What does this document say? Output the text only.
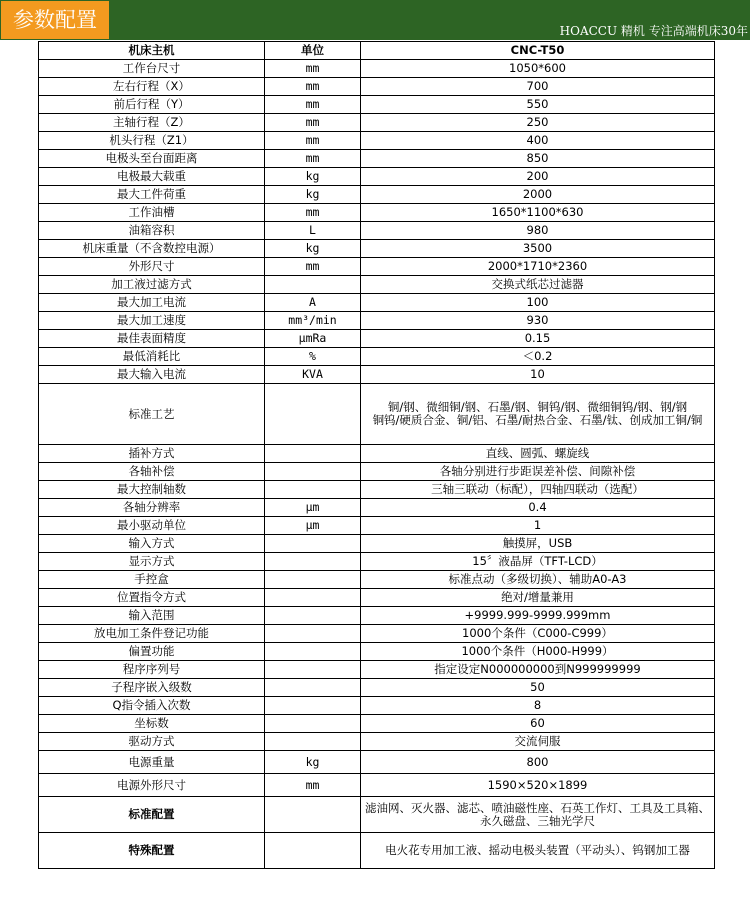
参数配置	HOACCU 精机 专注高端机床30年
机床主机	单位	CNC-T50
工作台尺寸	mm	1050*600
左右行程（X）	mm	700
前后行程（Y）	mm	550
主轴行程（Z）	mm	250
机头行程（Z1）	mm	400
电极头至台面距离	mm	850
电极最大载重	kg	200
最大工件荷重	kg	2000
工作油槽	mm	1650*1100*630
油箱容积	L	980
机床重量（不含数控电源）	kg	3500
外形尺寸	mm	2000*1710*2360
加工液过滤方式		交换式纸芯过滤器
最大加工电流	A	100
最大加工速度	mm³/min	930
最佳表面精度	μmRa	0.15
最低消耗比	%	＜0.2
最大输入电流	KVA	10
标准工艺		铜/钢、微细铜/钢、石墨/钢、铜钨/钢、微细铜钨/钢、钢/钢
铜钨/硬质合金、铜/铝、石墨/耐热合金、石墨/钛、创成加工铜/铜
插补方式		直线、圆弧、螺旋线
各轴补偿		各轴分别进行步距误差补偿、间隙补偿
最大控制轴数		三轴三联动（标配），四轴四联动（选配）
各轴分辨率	μm	0.4
最小驱动单位	μm	1
输入方式		触摸屏，USB
显示方式		15〞液晶屏（TFT-LCD）
手控盒		标准点动（多级切换）、辅助A0-A3
位置指令方式		绝对/增量兼用
输入范围		+9999.999-9999.999mm
放电加工条件登记功能		1000个条件（C000-C999）
偏置功能		1000个条件（H000-H999）
程序序列号		指定设定N000000000到N999999999
子程序嵌入级数		50
Q指令插入次数		8
坐标数		60
驱动方式		交流伺服
电源重量	kg	800
电源外形尺寸	mm	1590×520×1899
标准配置		滤油网、灭火器、滤芯、喷油磁性座、石英工作灯、工具及工具箱、永久磁盘、三轴光学尺
特殊配置		电火花专用加工液、摇动电极头装置（平动头）、钨钢加工器
